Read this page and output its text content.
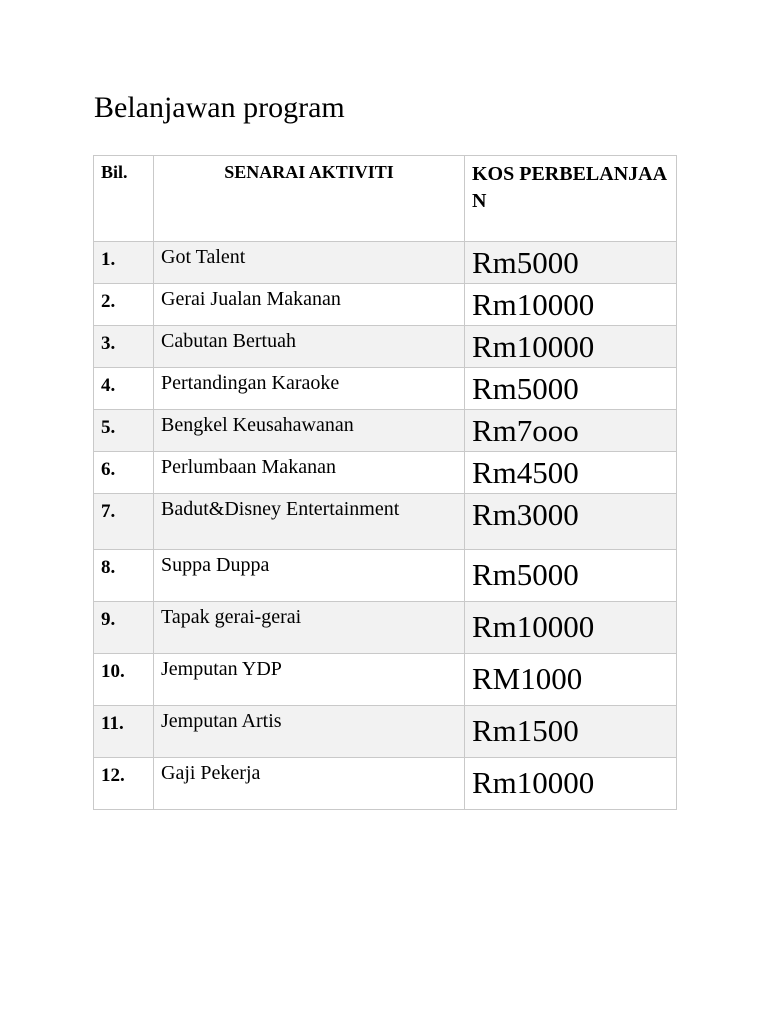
Belanjawan program
Bil.	SENARAI AKTIVITI	KOS PERBELANJAAN
1.	Got Talent	Rm5000
2.	Gerai Jualan Makanan	Rm10000
3.	Cabutan Bertuah	Rm10000
4.	Pertandingan Karaoke	Rm5000
5.	Bengkel Keusahawanan	Rm7ooo
6.	Perlumbaan Makanan	Rm4500
7.	Badut&Disney Entertainment	Rm3000
8.	Suppa Duppa	Rm5000
9.	Tapak gerai-gerai	Rm10000
10.	Jemputan YDP	RM1000
11.	Jemputan Artis	Rm1500
12.	Gaji Pekerja	Rm10000
